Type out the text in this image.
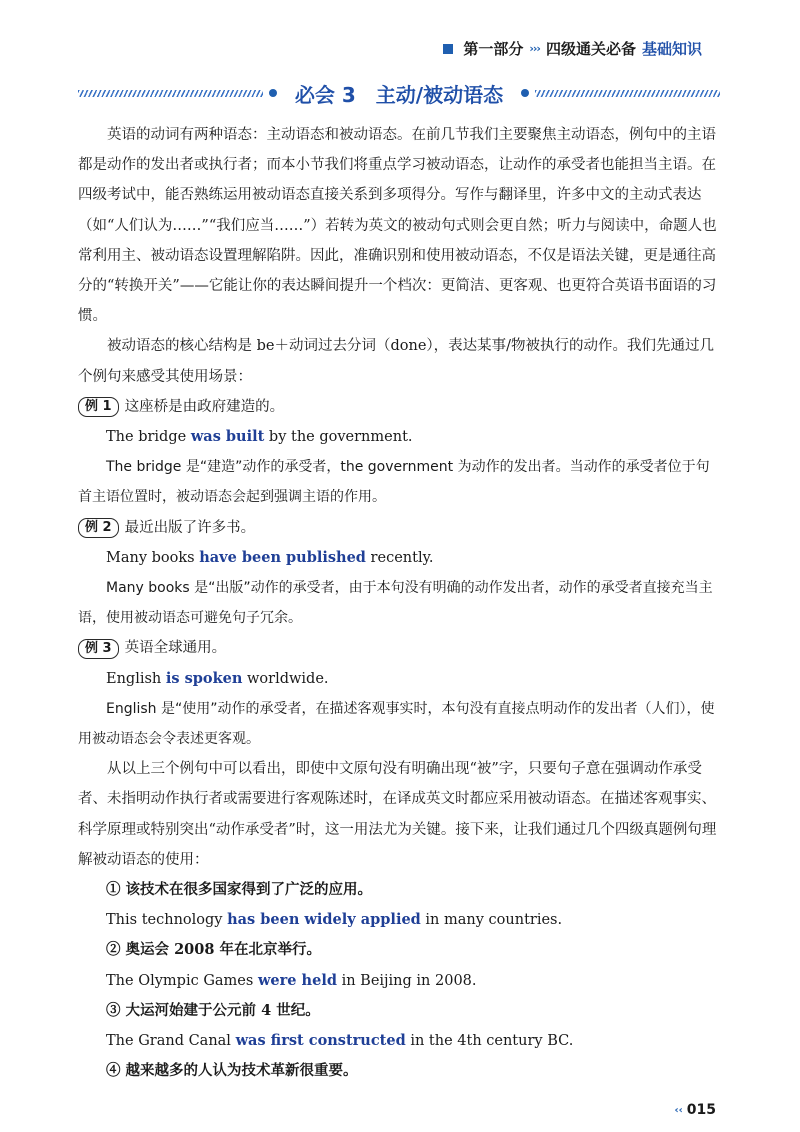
第一部分 ››› 四级通关必备 基础知识
必会 3　主动/被动语态

英语的动词有两种语态：主动语态和被动语态。在前几节我们主要聚焦主动语态，例句中的主语都是动作的发出者或执行者；而本小节我们将重点学习被动语态，让动作的承受者也能担当主语。在四级考试中，能否熟练运用被动语态直接关系到多项得分。写作与翻译里，许多中文的主动式表达（如“人们认为……”“我们应当……”）若转为英文的被动句式则会更自然；听力与阅读中，命题人也常利用主、被动语态设置理解陷阱。因此，准确识别和使用被动语态，不仅是语法关键，更是通往高分的“转换开关”——它能让你的表达瞬间提升一个档次：更简洁、更客观、也更符合英语书面语的习惯。

被动语态的核心结构是 be＋动词过去分词（done），表达某事/物被执行的动作。我们先通过几个例句来感受其使用场景：

例 1 这座桥是由政府建造的。

The bridge was built by the government.

The bridge 是“建造”动作的承受者，the government 为动作的发出者。当动作的承受者位于句首主语位置时，被动语态会起到强调主语的作用。

例 2 最近出版了许多书。

Many books have been published recently.

Many books 是“出版”动作的承受者，由于本句没有明确的动作发出者，动作的承受者直接充当主语，使用被动语态可避免句子冗余。

例 3 英语全球通用。

English is spoken worldwide.

English 是“使用”动作的承受者，在描述客观事实时，本句没有直接点明动作的发出者（人们），使用被动语态会令表述更客观。

从以上三个例句中可以看出，即使中文原句没有明确出现“被”字，只要句子意在强调动作承受者、未指明动作执行者或需要进行客观陈述时，在译成英文时都应采用被动语态。在描述客观事实、科学原理或特别突出“动作承受者”时，这一用法尤为关键。接下来，让我们通过几个四级真题例句理解被动语态的使用：

① 该技术在很多国家得到了广泛的应用。

This technology has been widely applied in many countries.

② 奥运会 2008 年在北京举行。

The Olympic Games were held in Beijing in 2008.

③ 大运河始建于公元前 4 世纪。

The Grand Canal was first constructed in the 4th century BC.

④ 越来越多的人认为技术革新很重要。

‹‹ 015
